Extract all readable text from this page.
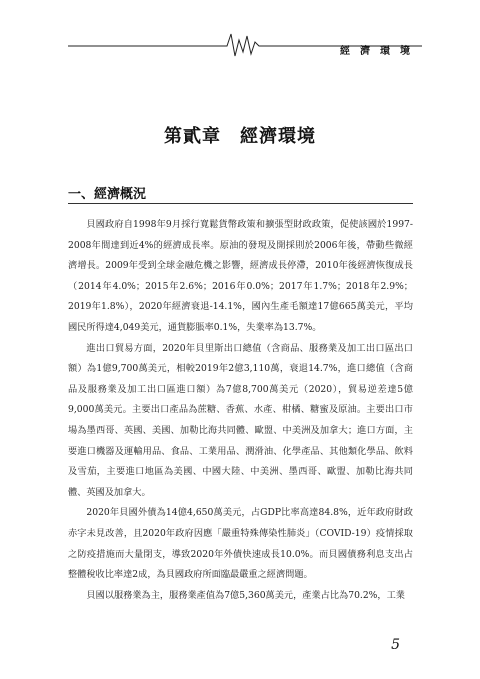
經濟環境
第貳章　經濟環境
一、經濟概況

貝國政府自1998年9月採行寬鬆貨幣政策和擴張型財政政策，促使該國於1997-2008年間達到近4%的經濟成長率。原油的發現及開採則於2006年後，帶動些微經濟增長。2009年受到全球金融危機之影響，經濟成長停滯，2010年後經濟恢復成長（2014年4.0%；2015年2.6%；2016年0.0%；2017年1.7%；2018年2.9%；2019年1.8%），2020年經濟衰退-14.1%，國內生產毛額達17億665萬美元，平均國民所得達4,049美元，通貨膨脹率0.1%，失業率為13.7%。

進出口貿易方面，2020年貝里斯出口總值（含商品、服務業及加工出口區出口額）為1億9,700萬美元，相較2019年2億3,110萬，衰退14.7%，進口總值（含商品及服務業及加工出口區進口額）為7億8,700萬美元（2020），貿易逆差達5億9,000萬美元。主要出口產品為蔗糖、香蕉、水產、柑橘、糖蜜及原油。主要出口市場為墨西哥、英國、美國、加勒比海共同體、歐盟、中美洲及加拿大；進口方面，主要進口機器及運輸用品、食品、工業用品、潤滑油、化學產品、其他類化學品、飲料及雪茄，主要進口地區為美國、中國大陸、中美洲、墨西哥、歐盟、加勒比海共同體、英國及加拿大。

2020年貝國外債為14億4,650萬美元，占GDP比率高達84.8%，近年政府財政赤字未見改善，且2020年政府因應「嚴重特殊傳染性肺炎」（COVID-19）疫情採取之防疫措施而大量閉支，導致2020年外債快速成長10.0%。而貝國債務利息支出占整體稅收比率達2成，為貝國政府所面臨最嚴重之經濟問題。

貝國以服務業為主，服務業產值為7億5,360萬美元，產業占比為70.2%，工業

5
